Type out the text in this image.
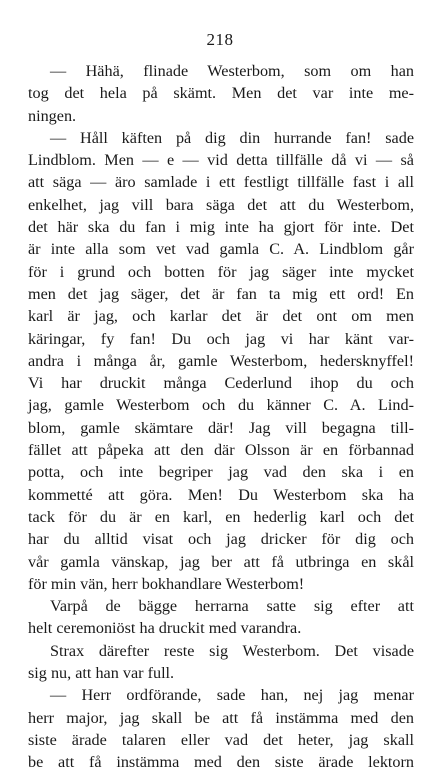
218
— Hähä, flinade Westerbom, som om han
tog det hela på skämt. Men det var inte me-
ningen.
— Håll käften på dig din hurrande fan! sade
Lindblom. Men — e — vid detta tillfälle då vi — så
att säga — äro samlade i ett festligt tillfälle fast i all
enkelhet, jag vill bara säga det att du Westerbom,
det här ska du fan i mig inte ha gjort för inte. Det
är inte alla som vet vad gamla C. A. Lindblom går
för i grund och botten för jag säger inte mycket
men det jag säger, det är fan ta mig ett ord! En
karl är jag, och karlar det är det ont om men
käringar, fy fan! Du och jag vi har känt var-
andra i många år, gamle Westerbom, hedersknyffel!
Vi har druckit många Cederlund ihop du och
jag, gamle Westerbom och du känner C. A. Lind-
blom, gamle skämtare där! Jag vill begagna till-
fället att påpeka att den där Olsson är en förbannad
potta, och inte begriper jag vad den ska i en
kommetté att göra. Men! Du Westerbom ska ha
tack för du är en karl, en hederlig karl och det
har du alltid visat och jag dricker för dig och
vår gamla vänskap, jag ber att få utbringa en skål
för min vän, herr bokhandlare Westerbom!
Varpå de bägge herrarna satte sig efter att
helt ceremoniöst ha druckit med varandra.
Strax därefter reste sig Westerbom. Det visade
sig nu, att han var full.
— Herr ordförande, sade han, nej jag menar
herr major, jag skall be att få instämma med den
siste ärade talaren eller vad det heter, jag skall
be att få instämma med den siste ärade lektorn
